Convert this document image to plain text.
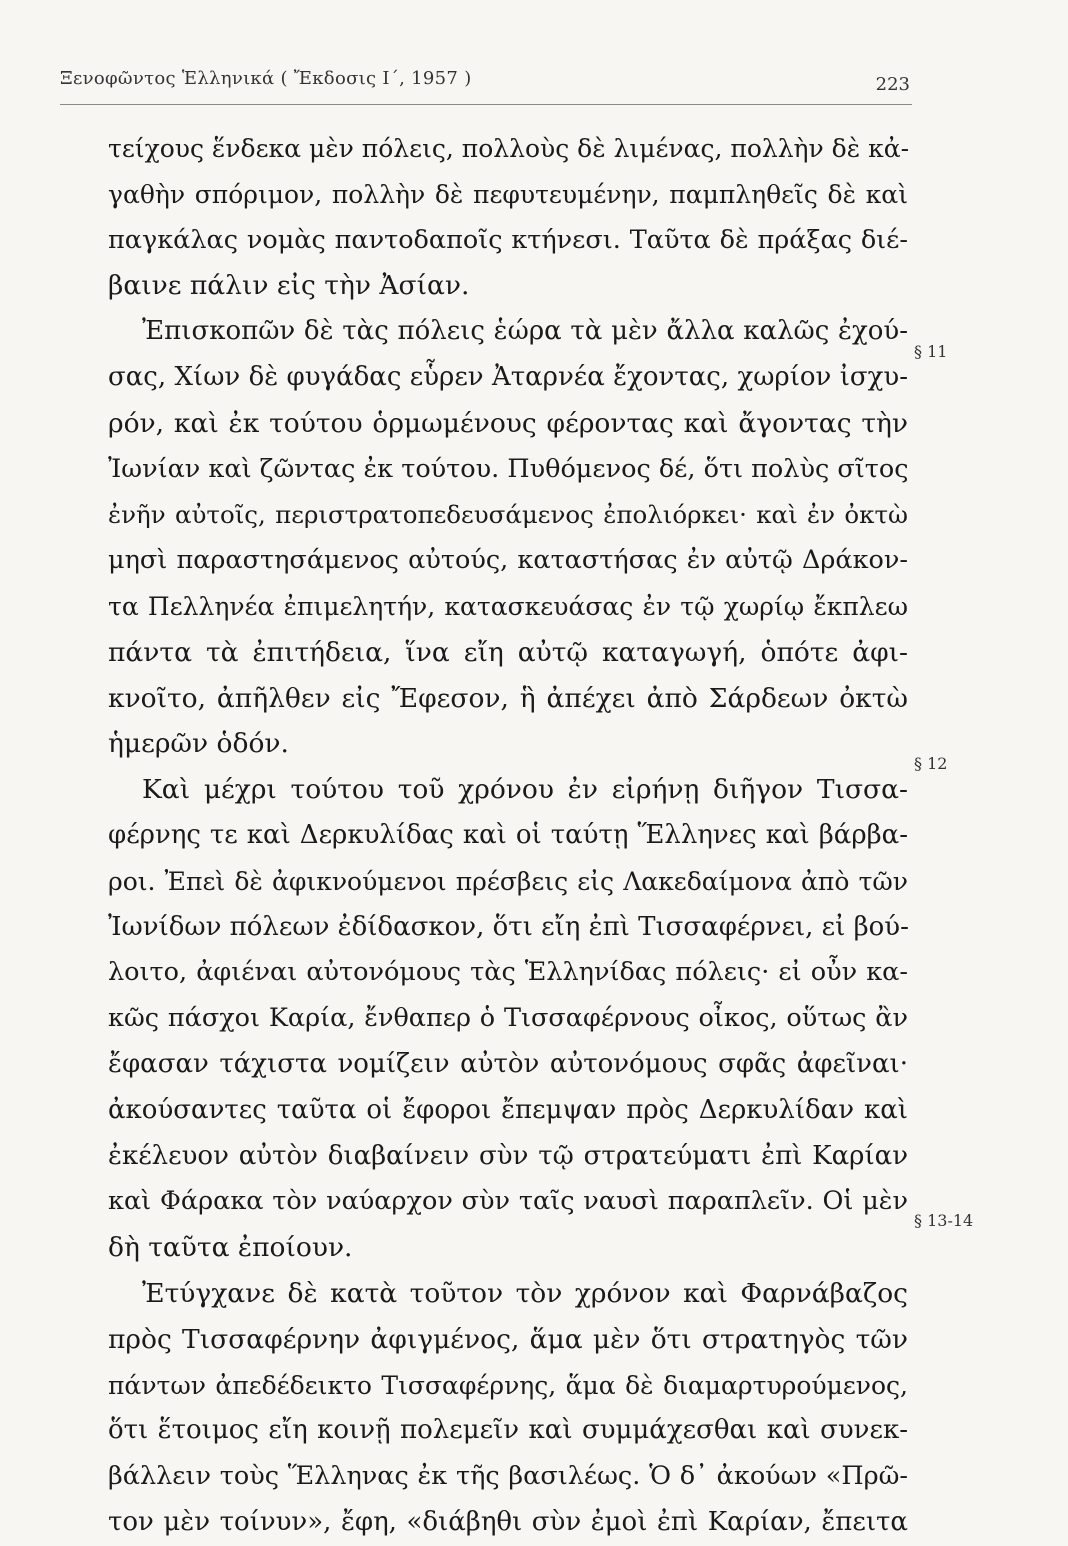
Ξενοφῶντος Ἑλληνικά ( Ἔκδοσις Ι΄, 1957 )	223
τείχους ἕνδεκα μὲν πόλεις, πολλοὺς δὲ λιμένας, πολλὴν δὲ κἀ-
γαθὴν σπόριμον, πολλὴν δὲ πεφυτευμένην, παμπληθεῖς δὲ καὶ
παγκάλας νομὰς παντοδαποῖς κτήνεσι. Ταῦτα δὲ πράξας διέ-
βαινε πάλιν εἰς τὴν Ἀσίαν.
Ἐπισκοπῶν δὲ τὰς πόλεις ἑώρα τὰ μὲν ἄλλα καλῶς ἐχού-
σας, Χίων δὲ φυγάδας εὗρεν Ἀταρνέα ἔχοντας, χωρίον ἰσχυ-
ρόν, καὶ ἐκ τούτου ὁρμωμένους φέροντας καὶ ἄγοντας τὴν
Ἰωνίαν καὶ ζῶντας ἐκ τούτου. Πυθόμενος δέ, ὅτι πολὺς σῖτος
ἐνῆν αὐτοῖς, περιστρατοπεδευσάμενος ἐπολιόρκει· καὶ ἐν ὀκτὼ
μησὶ παραστησάμενος αὐτούς, καταστήσας ἐν αὐτῷ Δράκον-
τα Πελληνέα ἐπιμελητήν, κατασκευάσας ἐν τῷ χωρίῳ ἔκπλεω
πάντα τὰ ἐπιτήδεια, ἵνα εἴη αὐτῷ καταγωγή, ὁπότε ἀφι-
κνοῖτο, ἀπῆλθεν εἰς Ἔφεσον, ἣ ἀπέχει ἀπὸ Σάρδεων ὀκτὼ
ἡμερῶν ὁδόν.
Καὶ μέχρι τούτου τοῦ χρόνου ἐν εἰρήνῃ διῆγον Τισσα-
φέρνης τε καὶ Δερκυλίδας καὶ οἱ ταύτῃ Ἕλληνες καὶ βάρβα-
ροι. Ἐπεὶ δὲ ἀφικνούμενοι πρέσβεις εἰς Λακεδαίμονα ἀπὸ τῶν
Ἰωνίδων πόλεων ἐδίδασκον, ὅτι εἴη ἐπὶ Τισσαφέρνει, εἰ βού-
λοιτο, ἀφιέναι αὐτονόμους τὰς Ἑλληνίδας πόλεις· εἰ οὖν κα-
κῶς πάσχοι Καρία, ἔνθαπερ ὁ Τισσαφέρνους οἶκος, οὕτως ἂν
ἔφασαν τάχιστα νομίζειν αὐτὸν αὐτονόμους σφᾶς ἀφεῖναι·
ἀκούσαντες ταῦτα οἱ ἔφοροι ἔπεμψαν πρὸς Δερκυλίδαν καὶ
ἐκέλευον αὐτὸν διαβαίνειν σὺν τῷ στρατεύματι ἐπὶ Καρίαν
καὶ Φάρακα τὸν ναύαρχον σὺν ταῖς ναυσὶ παραπλεῖν. Οἱ μὲν
δὴ ταῦτα ἐποίουν.
Ἐτύγχανε δὲ κατὰ τοῦτον τὸν χρόνον καὶ Φαρνάβαζος
πρὸς Τισσαφέρνην ἀφιγμένος, ἅμα μὲν ὅτι στρατηγὸς τῶν
πάντων ἀπεδέδεικτο Τισσαφέρνης, ἅμα δὲ διαμαρτυρούμενος,
ὅτι ἕτοιμος εἴη κοινῇ πολεμεῖν καὶ συμμάχεσθαι καὶ συνεκ-
βάλλειν τοὺς Ἕλληνας ἐκ τῆς βασιλέως. Ὁ δ᾽ ἀκούων «Πρῶ-
τον μὲν τοίνυν», ἔφη, «διάβηθι σὺν ἐμοὶ ἐπὶ Καρίαν, ἔπειτα
§ 11
§ 12
§ 13-14
